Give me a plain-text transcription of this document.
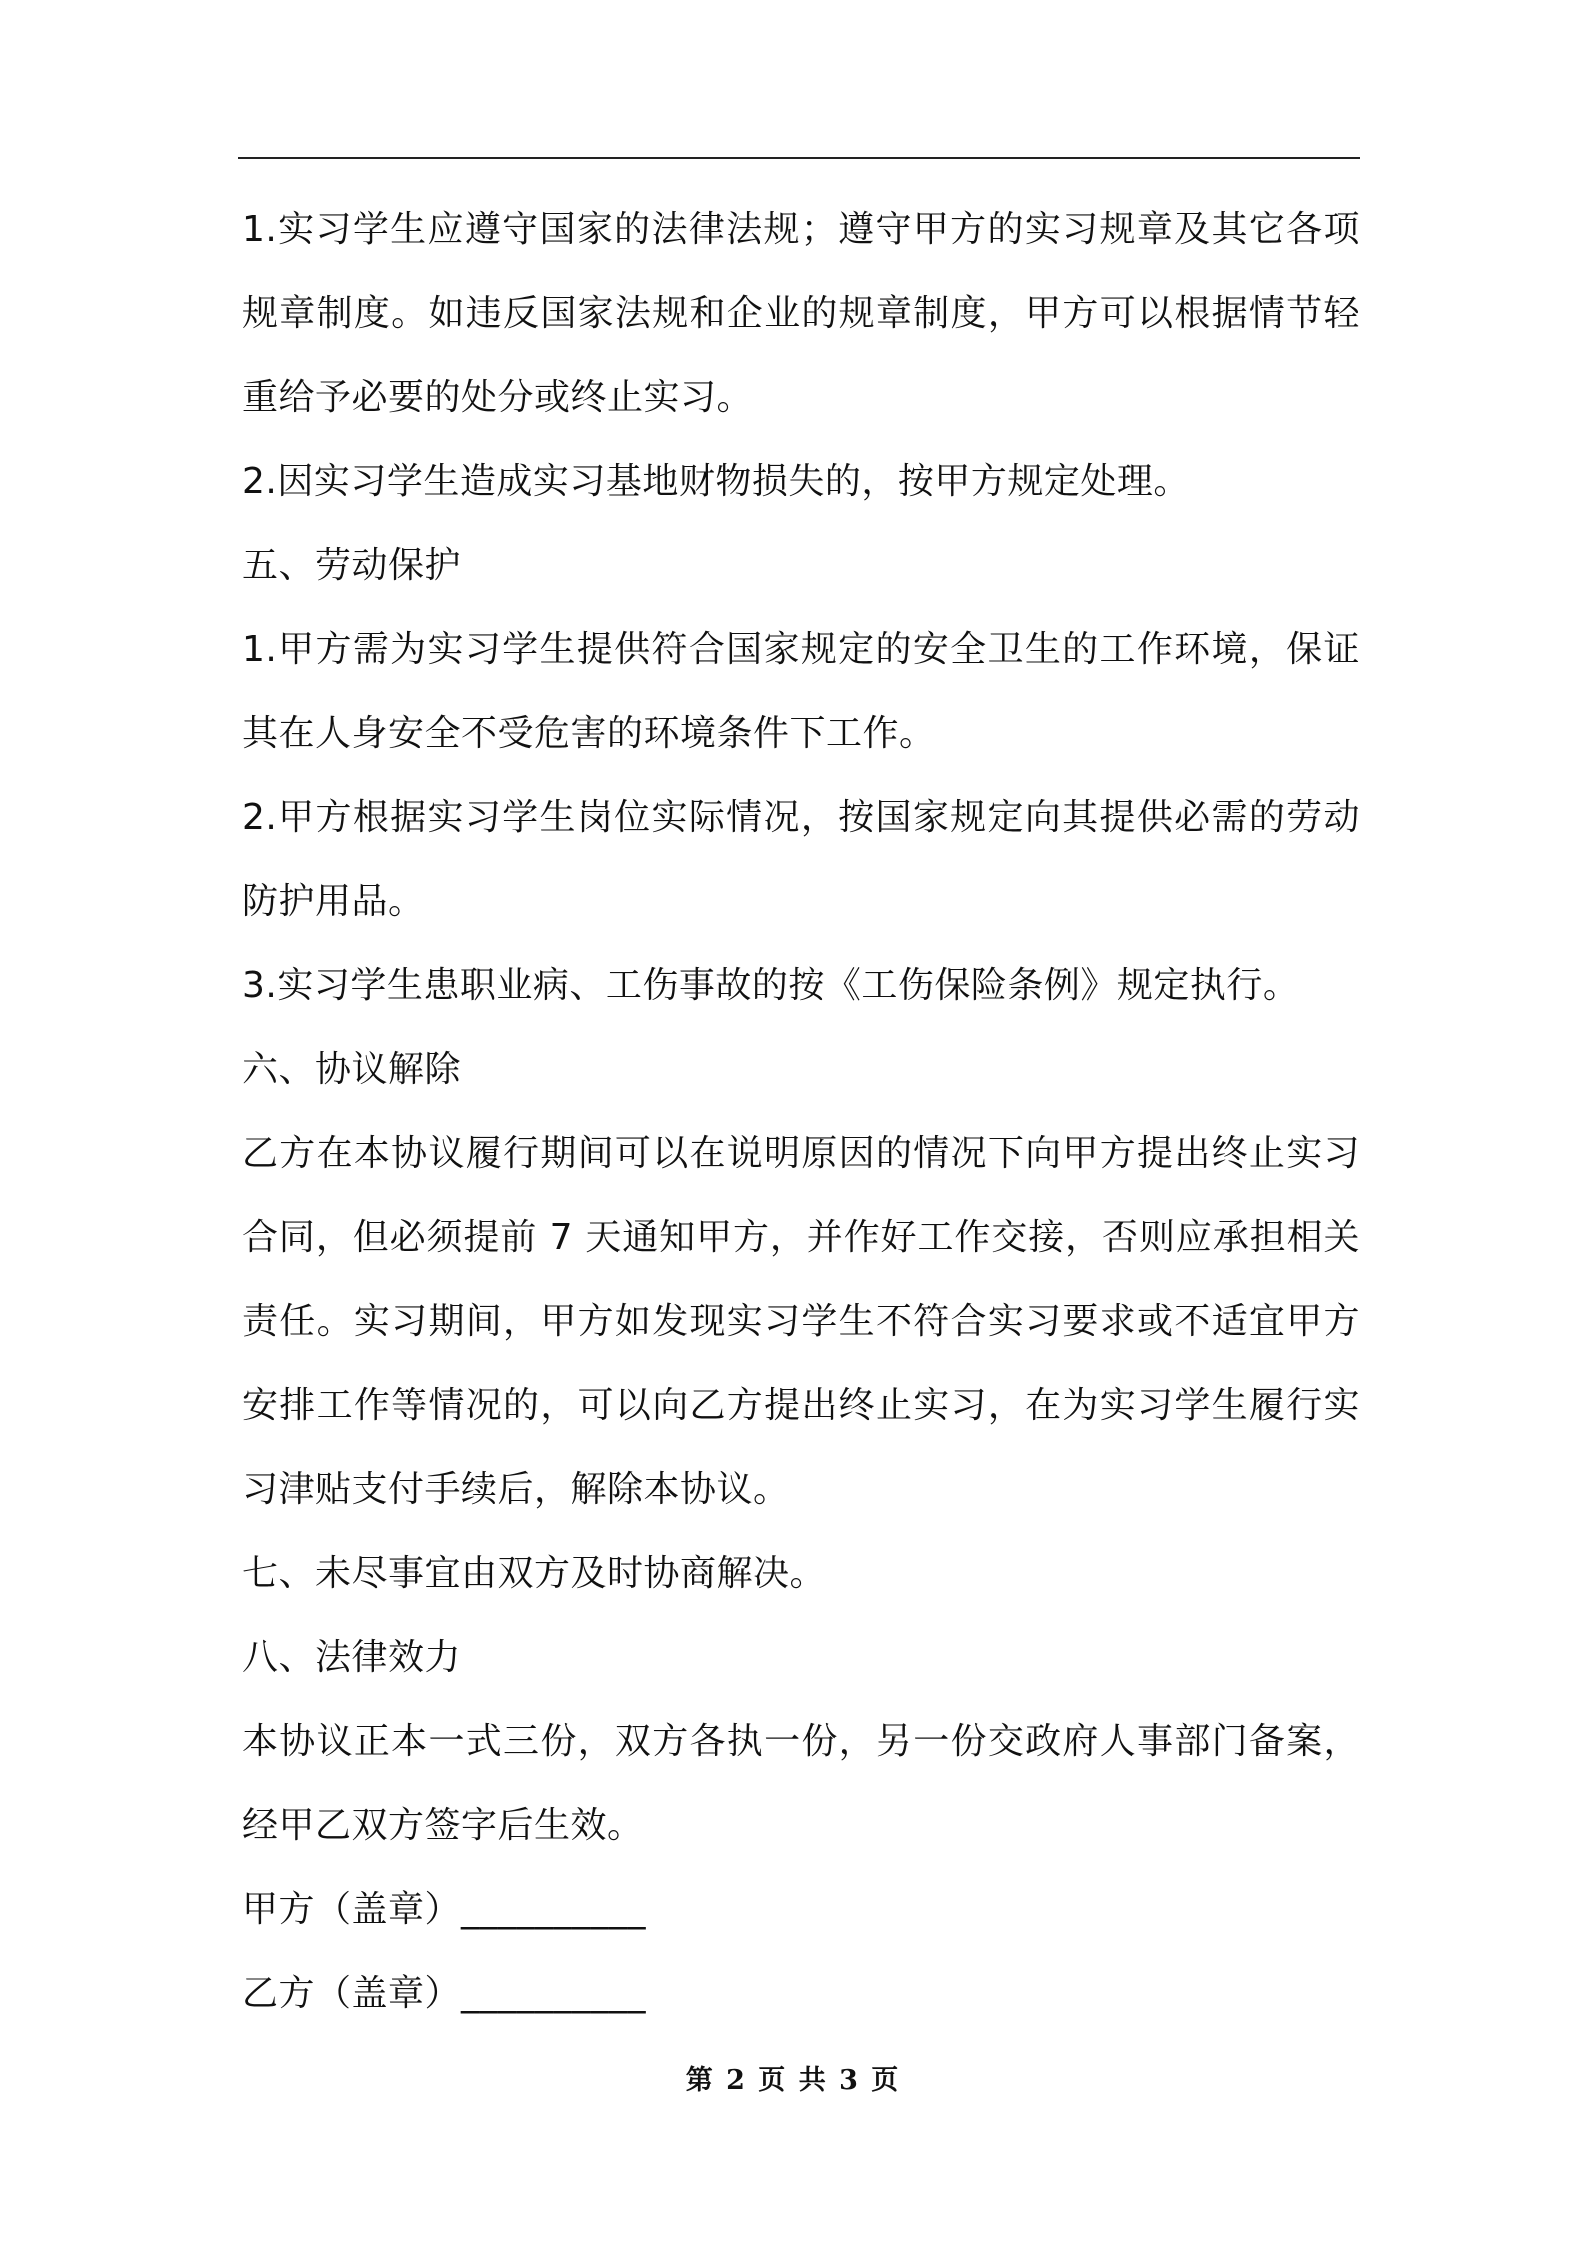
1.实习学生应遵守国家的法律法规；遵守甲方的实习规章及其它各项规章制度。如违反国家法规和企业的规章制度，甲方可以根据情节轻重给予必要的处分或终止实习。

2.因实习学生造成实习基地财物损失的，按甲方规定处理。

五、劳动保护

1.甲方需为实习学生提供符合国家规定的安全卫生的工作环境，保证其在人身安全不受危害的环境条件下工作。

2.甲方根据实习学生岗位实际情况，按国家规定向其提供必需的劳动防护用品。

3.实习学生患职业病、工伤事故的按《工伤保险条例》规定执行。

六、协议解除

乙方在本协议履行期间可以在说明原因的情况下向甲方提出终止实习合同，但必须提前 7 天通知甲方，并作好工作交接，否则应承担相关责任。实习期间，甲方如发现实习学生不符合实习要求或不适宜甲方安排工作等情况的，可以向乙方提出终止实习，在为实习学生履行实习津贴支付手续后，解除本协议。

七、未尽事宜由双方及时协商解决。

八、法律效力

本协议正本一式三份，双方各执一份，另一份交政府人事部门备案，经甲乙双方签字后生效。

甲方（盖章）__________

乙方（盖章）__________

第 2 页 共 3 页
